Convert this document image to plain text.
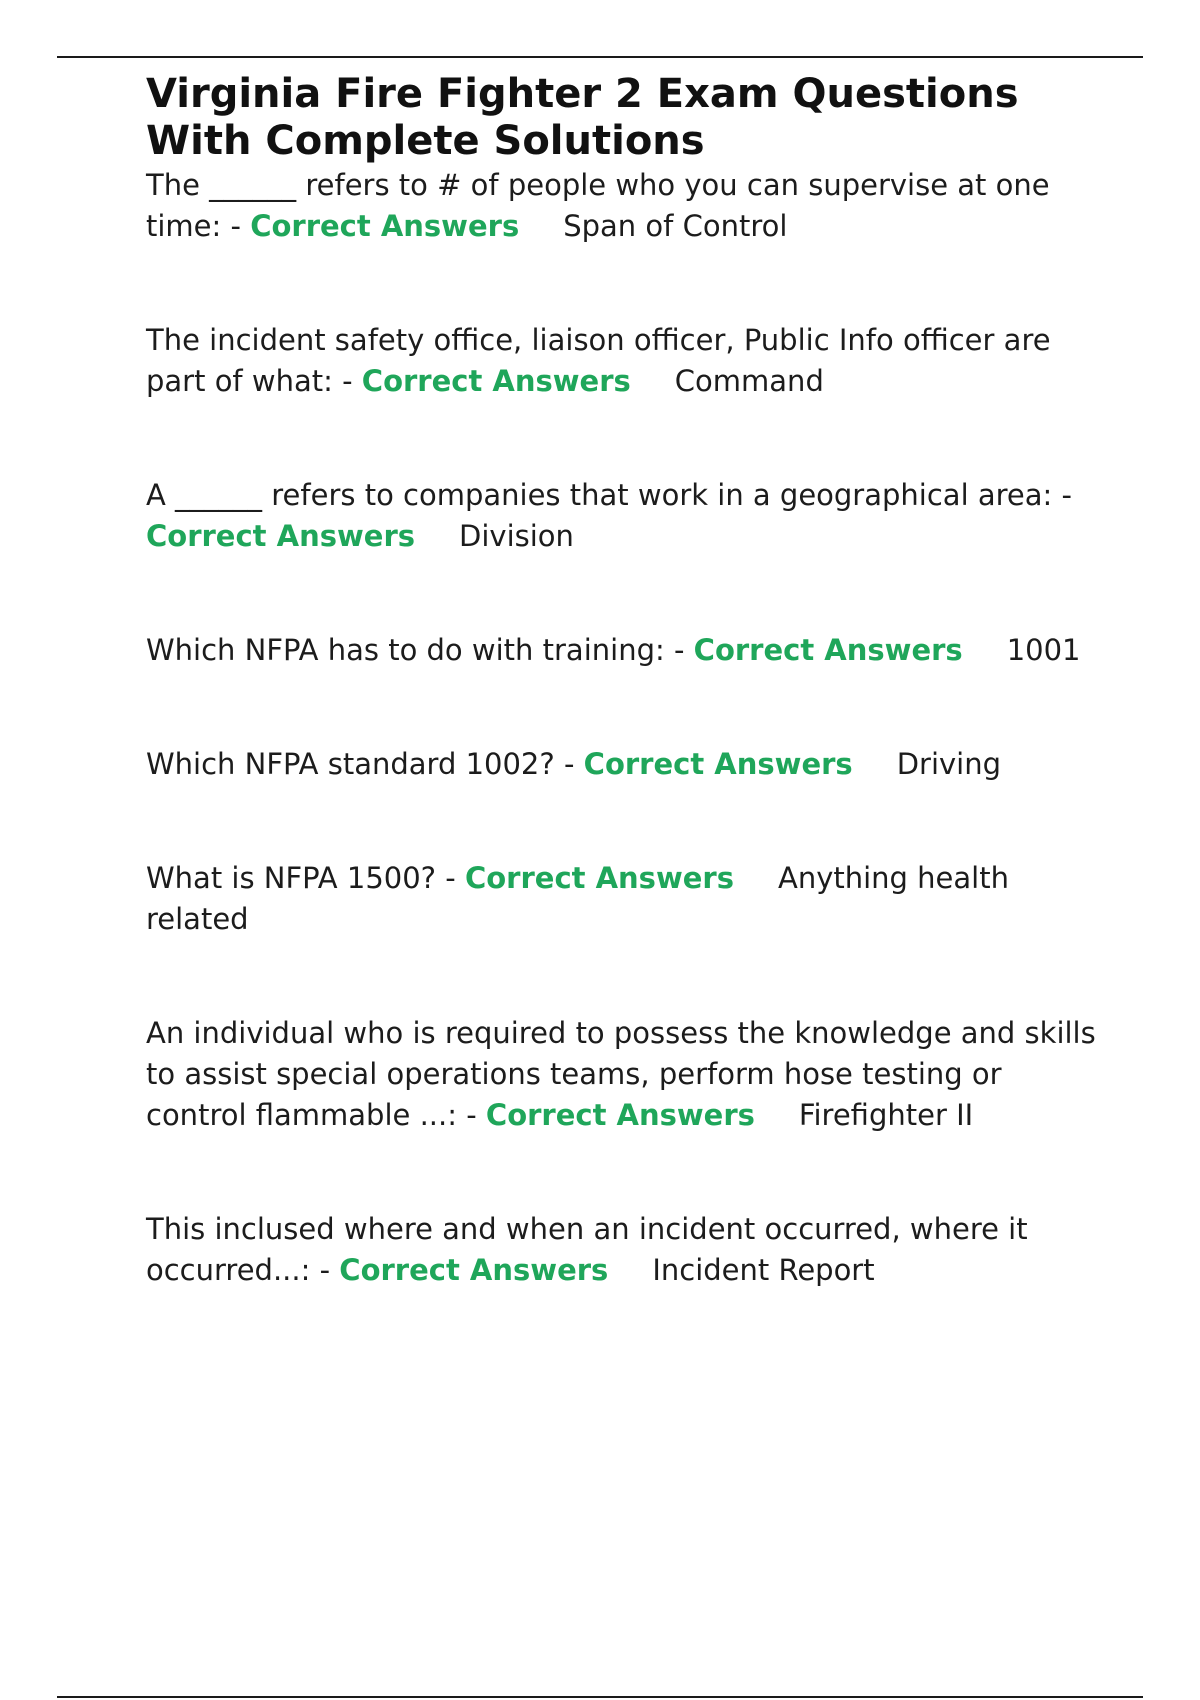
Virginia Fire Fighter 2 Exam Questions With Complete Solutions

The ______ refers to # of people who you can supervise at one time: - Correct Answers Span of Control

The incident safety office, liaison officer, Public Info officer are part of what: - Correct Answers Command

A ______ refers to companies that work in a geographical area: - Correct Answers Division

Which NFPA has to do with training: - Correct Answers 1001

Which NFPA standard 1002? - Correct Answers Driving

What is NFPA 1500? - Correct Answers Anything health related

An individual who is required to possess the knowledge and skills to assist special operations teams, perform hose testing or control flammable ...: - Correct Answers Firefighter II

This inclused where and when an incident occurred, where it occurred...: - Correct Answers Incident Report
